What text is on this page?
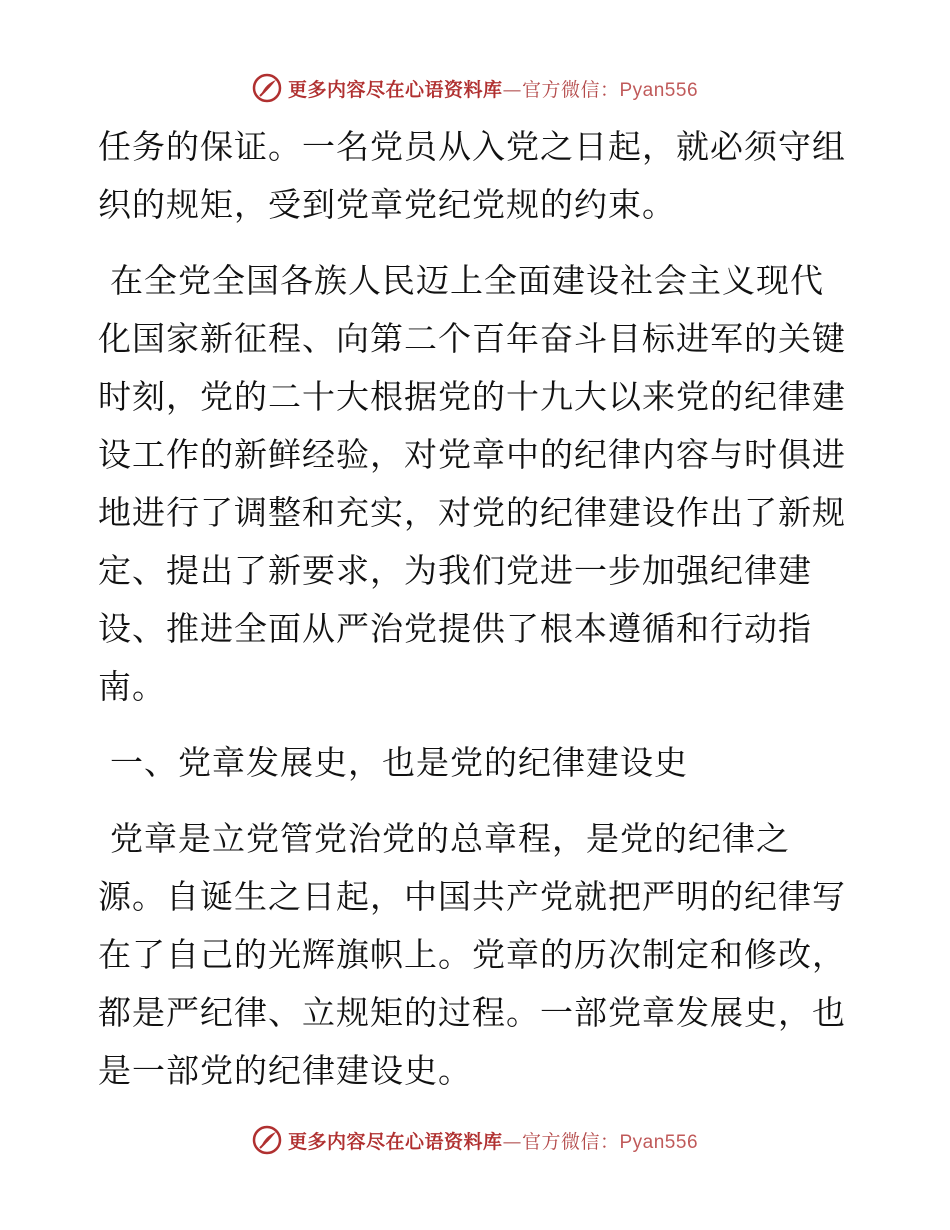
更多内容尽在心语资料库—官方微信：Pyan556
任务的保证。一名党员从入党之日起，就必须守组
织的规矩，受到党章党纪党规的约束。
在全党全国各族人民迈上全面建设社会主义现代
化国家新征程、向第二个百年奋斗目标进军的关键
时刻，党的二十大根据党的十九大以来党的纪律建
设工作的新鲜经验，对党章中的纪律内容与时俱进
地进行了调整和充实，对党的纪律建设作出了新规
定、提出了新要求，为我们党进一步加强纪律建
设、推进全面从严治党提供了根本遵循和行动指
南。
一、党章发展史，也是党的纪律建设史
党章是立党管党治党的总章程，是党的纪律之
源。自诞生之日起，中国共产党就把严明的纪律写
在了自己的光辉旗帜上。党章的历次制定和修改，
都是严纪律、立规矩的过程。一部党章发展史，也
是一部党的纪律建设史。
更多内容尽在心语资料库—官方微信：Pyan556
